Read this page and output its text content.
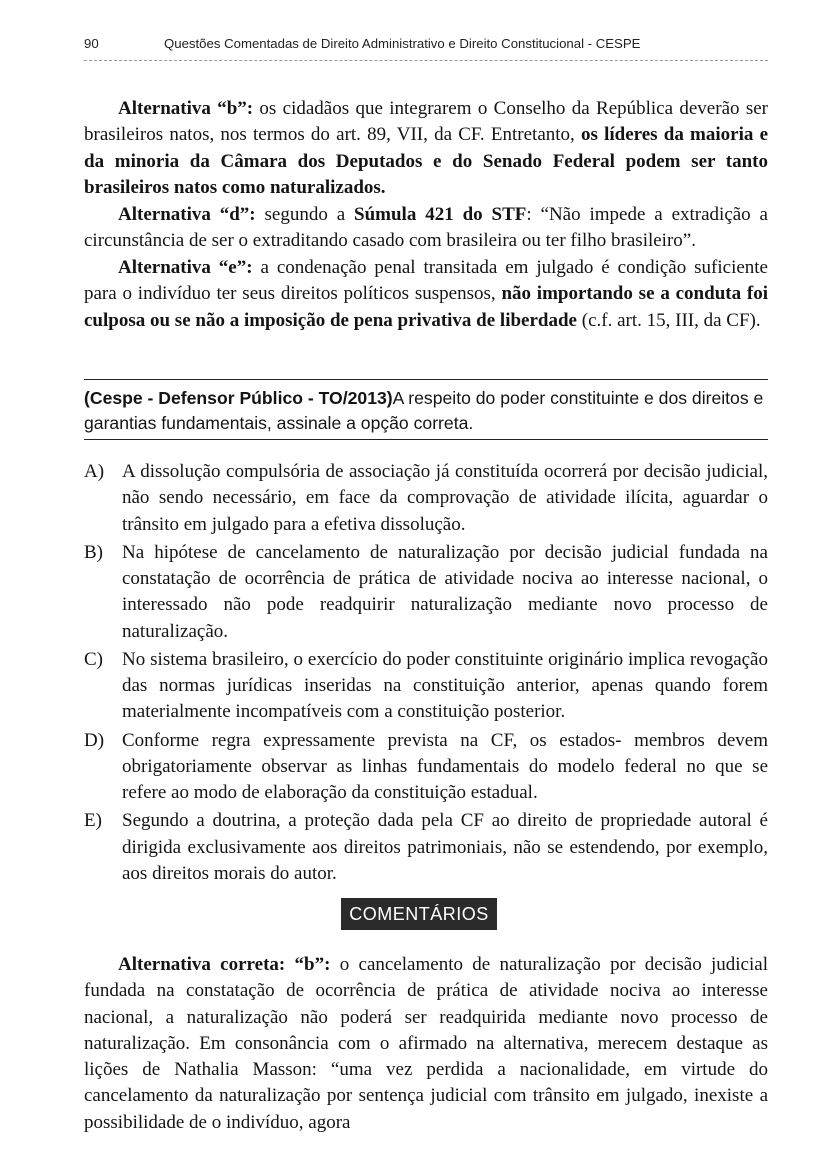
90	Questões Comentadas de Direito Administrativo e Direito Constitucional - CESPE

Alternativa “b”: os cidadãos que integrarem o Conselho da República deverão ser brasileiros natos, nos termos do art. 89, VII, da CF. Entretanto, os líderes da maioria e da minoria da Câmara dos Deputados e do Senado Federal podem ser tanto brasileiros natos como naturalizados.

Alternativa “d”: segundo a Súmula 421 do STF: “Não impede a extradição a circunstância de ser o extraditando casado com brasileira ou ter filho brasileiro”.

Alternativa “e”: a condenação penal transitada em julgado é condição suficiente para o indivíduo ter seus direitos políticos suspensos, não importando se a conduta foi culposa ou se não a imposição de pena privativa de liberdade (c.f. art. 15, III, da CF).

(Cespe - Defensor Público - TO/2013)A respeito do poder constituinte e dos direitos e garantias fundamentais, assinale a opção correta.

A) A dissolução compulsória de associação já constituída ocorrerá por decisão judicial, não sendo necessário, em face da comprovação de atividade ilícita, aguardar o trânsito em julgado para a efetiva dissolução.
B) Na hipótese de cancelamento de naturalização por decisão judicial fundada na constatação de ocorrência de prática de atividade nociva ao interesse nacional, o interessado não pode readquirir naturalização mediante novo processo de naturalização.
C) No sistema brasileiro, o exercício do poder constituinte originário implica revogação das normas jurídicas inseridas na constituição anterior, apenas quando forem materialmente incompatíveis com a constituição posterior.
D) Conforme regra expressamente prevista na CF, os estados- membros devem obrigatoriamente observar as linhas fundamentais do modelo federal no que se refere ao modo de elaboração da constituição estadual.
E) Segundo a doutrina, a proteção dada pela CF ao direito de propriedade autoral é dirigida exclusivamente aos direitos patrimoniais, não se estendendo, por exemplo, aos direitos morais do autor.
COMENTÁRIOS

Alternativa correta: “b”: o cancelamento de naturalização por decisão judicial fundada na constatação de ocorrência de prática de atividade nociva ao interesse nacional, a naturalização não poderá ser readquirida mediante novo processo de naturalização. Em consonância com o afirmado na alternativa, merecem destaque as lições de Nathalia Masson: “uma vez perdida a nacionalidade, em virtude do cancelamento da naturalização por sentença judicial com trânsito em julgado, inexiste a possibilidade de o indivíduo, agora
